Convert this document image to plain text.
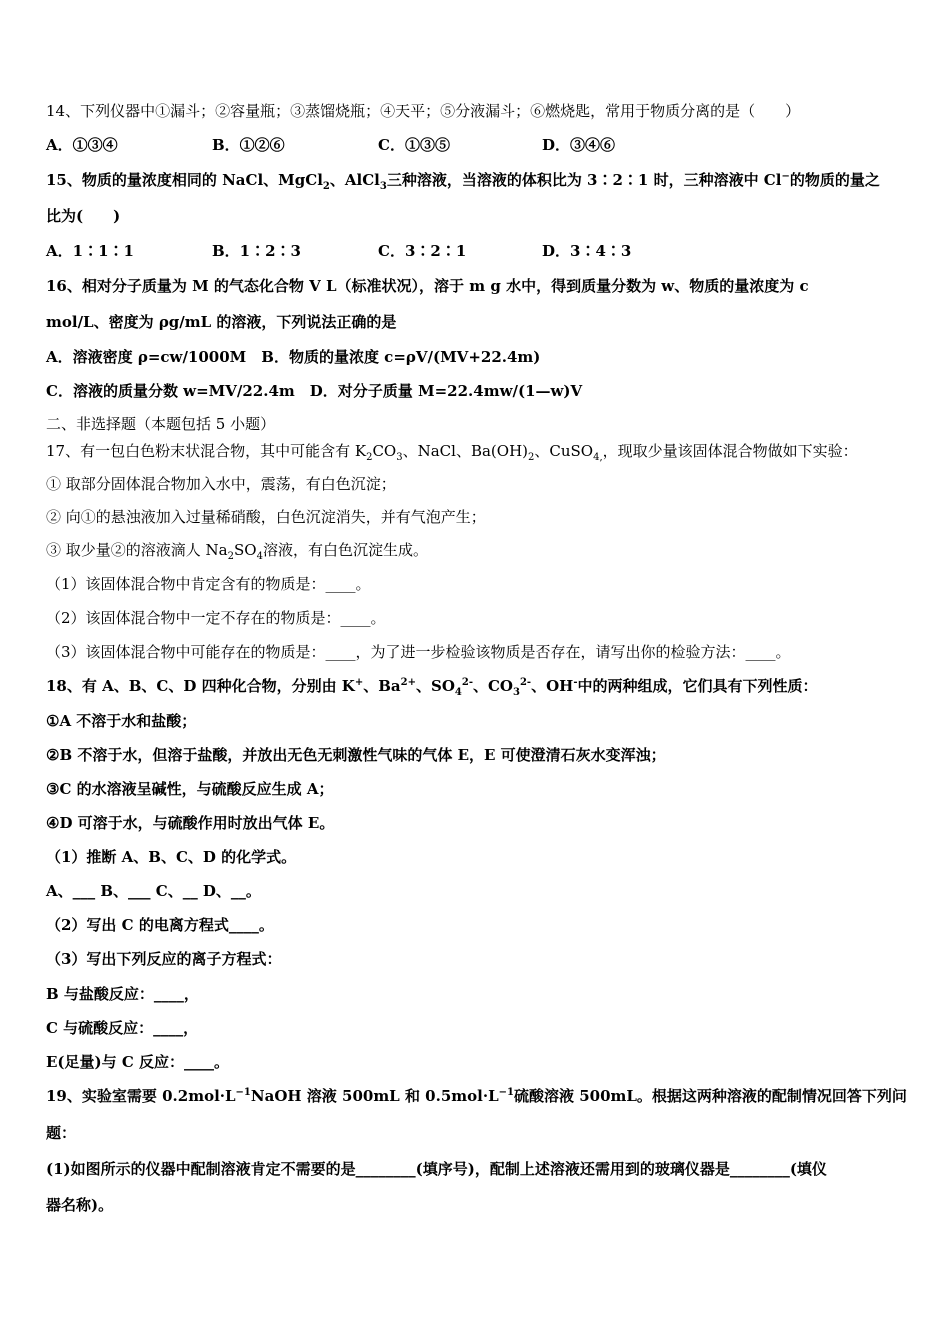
14、下列仪器中①漏斗；②容量瓶；③蒸馏烧瓶；④天平；⑤分液漏斗；⑥燃烧匙，常用于物质分离的是（　　）
A．①③④	B．①②⑥	C．①③⑤	D．③④⑥
15、物质的量浓度相同的 NaCl、MgCl$_2$、AlCl$_3$三种溶液，当溶液的体积比为 3∶2∶1 时，三种溶液中 Cl−的物质的量之
比为(　　)
A．1∶1∶1	B．1∶2∶3	C．3∶2∶1	D．3∶4∶3
16、相对分子质量为 M 的气态化合物 V L（标准状况），溶于 m g 水中，得到质量分数为 w、物质的量浓度为 c
mol/L、密度为 ρg/mL 的溶液，下列说法正确的是
A．溶液密度 ρ=cw/1000M　B．物质的量浓度 c=ρV/(MV+22.4m)
C．溶液的质量分数 w=MV/22.4m　D．对分子质量 M=22.4mw/(1—w)V
二、非选择题（本题包括 5 小题）
17、有一包白色粉末状混合物，其中可能含有 $K_2CO_3$、NaCl、$Ba(OH)_2$、CuSO$_{4,}$，现取少量该固体混合物做如下实验：
① 取部分固体混合物加入水中，震荡，有白色沉淀；
② 向①的悬浊液加入过量稀硝酸，白色沉淀消失，并有气泡产生；
③ 取少量②的溶液滴人 $Na_2SO_4$溶液，有白色沉淀生成。
（1）该固体混合物中肯定含有的物质是：____。
（2）该固体混合物中一定不存在的物质是：____。
（3）该固体混合物中可能存在的物质是：____，为了进一步检验该物质是否存在，请写出你的检验方法：____。
18、有 A、B、C、D 四种化合物，分别由 K+、$Ba^{2+}$、$SO_4^{2-}$、$CO_3^{2-}$、OH-中的两种组成，它们具有下列性质：
①A 不溶于水和盐酸；
②B 不溶于水，但溶于盐酸，并放出无色无刺激性气味的气体 E，E 可使澄清石灰水变浑浊；
③C 的水溶液呈碱性，与硫酸反应生成 A；
④D 可溶于水，与硫酸作用时放出气体 E。
（1）推断 A、B、C、D 的化学式。
A、___ B、___ C、__ D、__。
（2）写出 C 的电离方程式____。
（3）写出下列反应的离子方程式：
B 与盐酸反应：____，
C 与硫酸反应：____，
E(足量)与 C 反应：____。
19、实验室需要 $0.2mol\cdot L^{-1}NaOH$ 溶液 500mL 和 $0.5mol\cdot L^{-1}$硫酸溶液 500mL。根据这两种溶液的配制情况回答下列问
题：
(1)如图所示的仪器中配制溶液肯定不需要的是________(填序号)，配制上述溶液还需用到的玻璃仪器是________(填仪
器名称)。
